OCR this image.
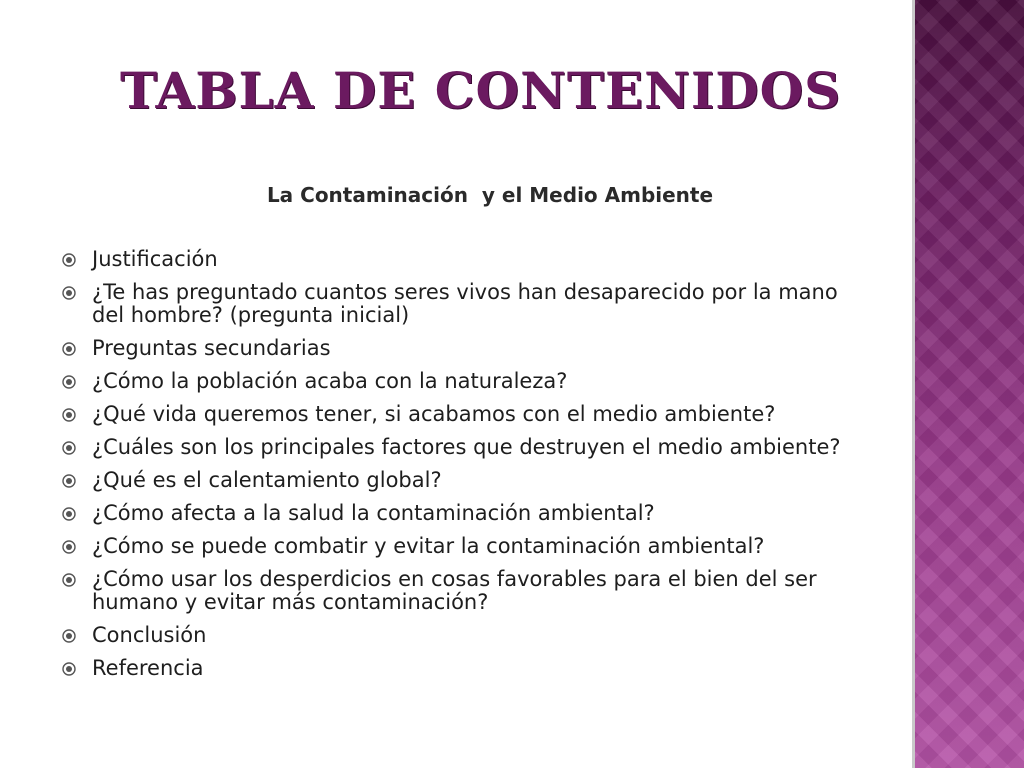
TABLA DE CONTENIDOS

La Contaminación  y el Medio Ambiente

Justificación
¿Te has preguntado cuantos seres vivos han desaparecido por la mano del hombre? (pregunta inicial)
Preguntas secundarias
¿Cómo la población acaba con la naturaleza?
¿Qué vida queremos tener, si acabamos con el medio ambiente?
¿Cuáles son los principales factores que destruyen el medio ambiente?
¿Qué es el calentamiento global?
¿Cómo afecta a la salud la contaminación ambiental?
¿Cómo se puede combatir y evitar la contaminación ambiental?
¿Cómo usar los desperdicios en cosas favorables para el bien del ser humano y evitar más contaminación?
Conclusión
Referencia
